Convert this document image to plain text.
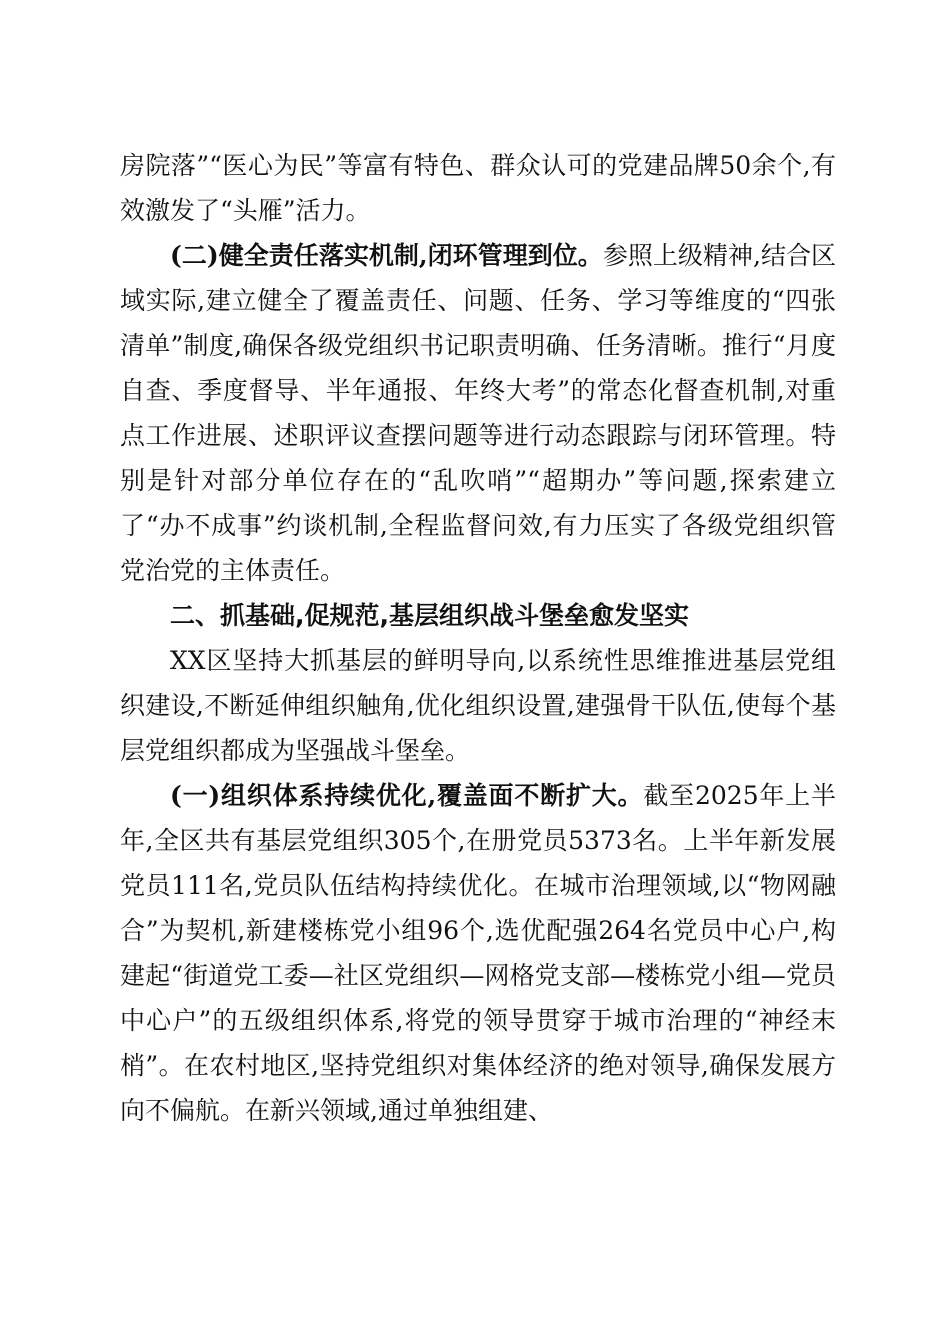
房院落”“医心为民”等富有特色、群众认可的党建品牌50余个,有效激发了“头雁”活力。

(二)健全责任落实机制,闭环管理到位。参照上级精神,结合区域实际,建立健全了覆盖责任、问题、任务、学习等维度的“四张清单”制度,确保各级党组织书记职责明确、任务清晰。推行“月度自查、季度督导、半年通报、年终大考”的常态化督查机制,对重点工作进展、述职评议查摆问题等进行动态跟踪与闭环管理。特别是针对部分单位存在的“乱吹哨”“超期办”等问题,探索建立了“办不成事”约谈机制,全程监督问效,有力压实了各级党组织管党治党的主体责任。

二、抓基础,促规范,基层组织战斗堡垒愈发坚实

XX区坚持大抓基层的鲜明导向,以系统性思维推进基层党组织建设,不断延伸组织触角,优化组织设置,建强骨干队伍,使每个基层党组织都成为坚强战斗堡垒。

(一)组织体系持续优化,覆盖面不断扩大。截至2025年上半年,全区共有基层党组织305个,在册党员5373名。上半年新发展党员111名,党员队伍结构持续优化。在城市治理领域,以“物网融合”为契机,新建楼栋党小组96个,选优配强264名党员中心户,构建起“街道党工委—社区党组织—网格党支部—楼栋党小组—党员中心户”的五级组织体系,将党的领导贯穿于城市治理的“神经末梢”。在农村地区,坚持党组织对集体经济的绝对领导,确保发展方向不偏航。在新兴领域,通过单独组建、
